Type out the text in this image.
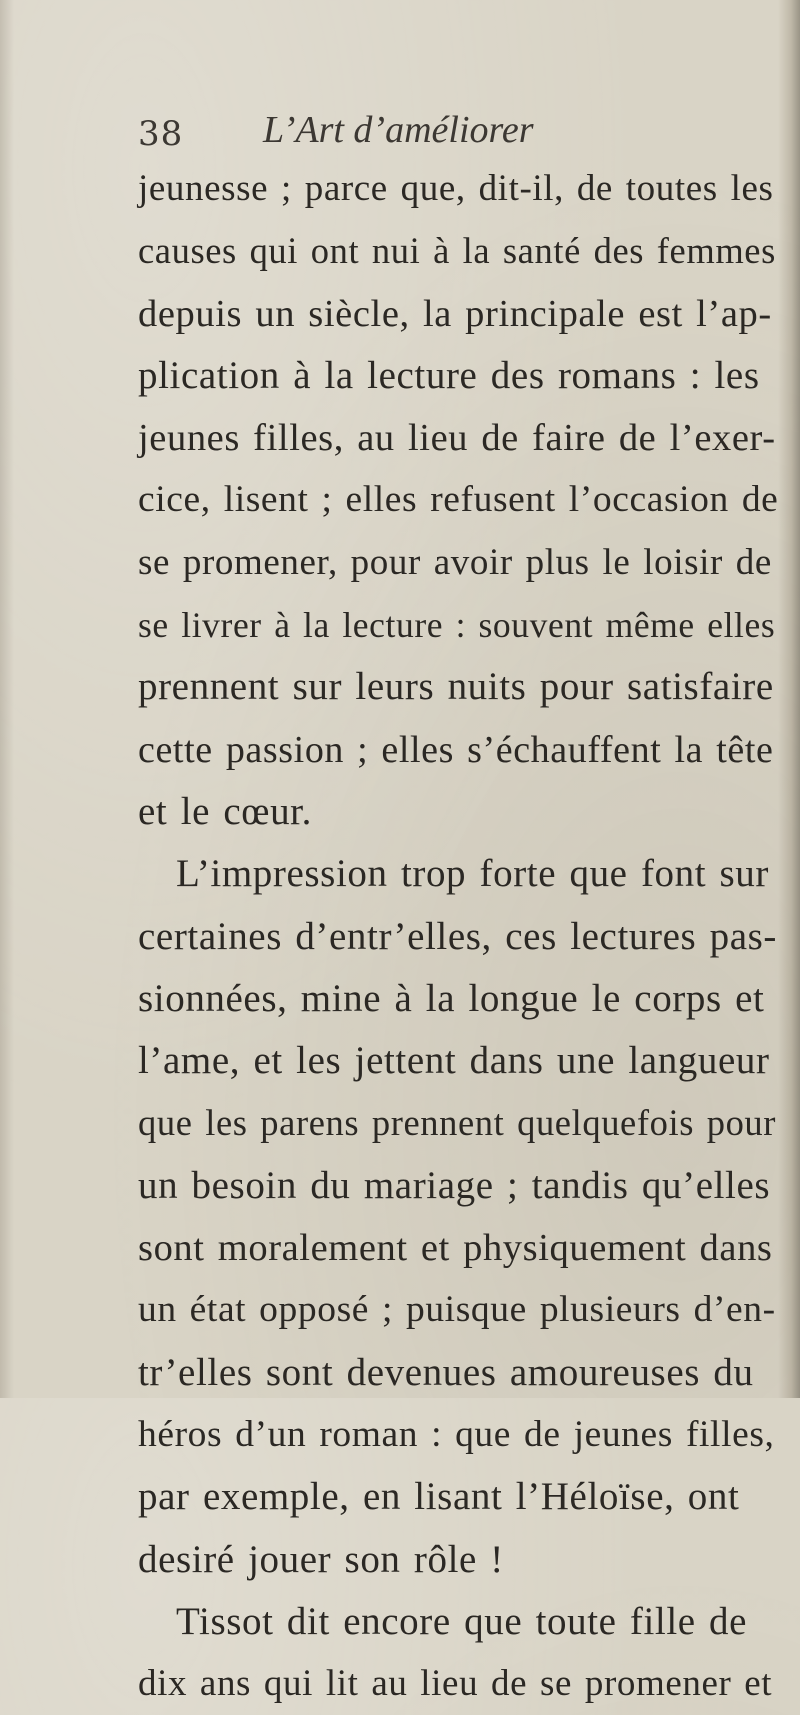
38 L’Art d’améliorer
jeunesse ; parce que, dit-il, de toutes les
causes qui ont nui à la santé des femmes
depuis un siècle, la principale est l’ap-
plication à la lecture des romans : les
jeunes filles, au lieu de faire de l’exer-
cice, lisent ; elles refusent l’occasion de
se promener, pour avoir plus le loisir de
se livrer à la lecture : souvent même elles
prennent sur leurs nuits pour satisfaire
cette passion ; elles s’échauffent la tête
et le cœur.
L’impression trop forte que font sur
certaines d’entr’elles, ces lectures pas-
sionnées, mine à la longue le corps et
l’ame, et les jettent dans une langueur
que les parens prennent quelquefois pour
un besoin du mariage ; tandis qu’elles
sont moralement et physiquement dans
un état opposé ; puisque plusieurs d’en-
tr’elles sont devenues amoureuses du
héros d’un roman : que de jeunes filles,
par exemple, en lisant l’Héloïse, ont
desiré jouer son rôle !
Tissot dit encore que toute fille de
dix ans qui lit au lieu de se promener et
